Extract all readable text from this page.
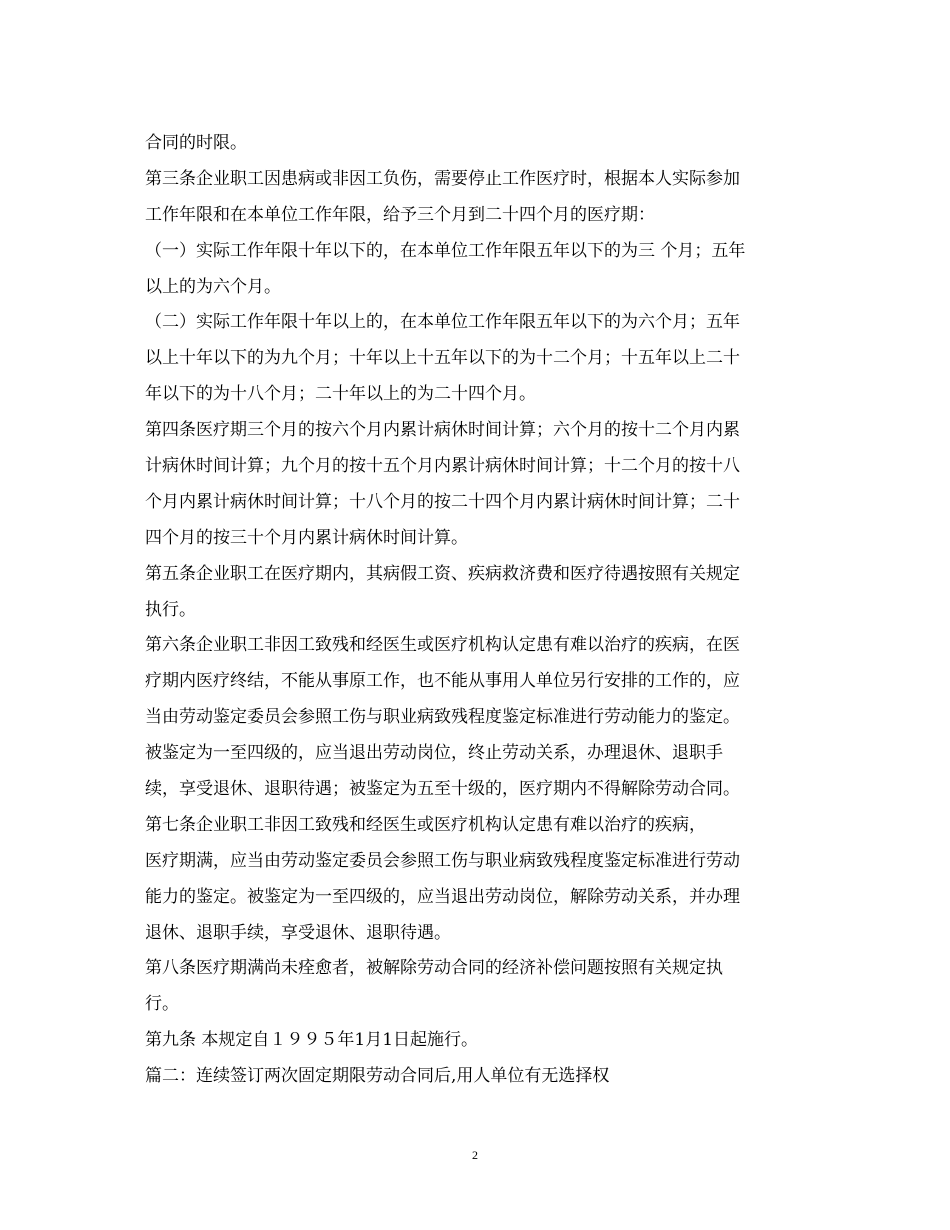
合同的时限。
第三条企业职工因患病或非因工负伤，需要停止工作医疗时，根据本人实际参加
工作年限和在本单位工作年限，给予三个月到二十四个月的医疗期：
（一）实际工作年限十年以下的，在本单位工作年限五年以下的为三 个月；五年
以上的为六个月。
（二）实际工作年限十年以上的，在本单位工作年限五年以下的为六个月；五年
以上十年以下的为九个月；十年以上十五年以下的为十二个月；十五年以上二十
年以下的为十八个月；二十年以上的为二十四个月。
第四条医疗期三个月的按六个月内累计病休时间计算；六个月的按十二个月内累
计病休时间计算；九个月的按十五个月内累计病休时间计算；十二个月的按十八
个月内累计病休时间计算；十八个月的按二十四个月内累计病休时间计算；二十
四个月的按三十个月内累计病休时间计算。
第五条企业职工在医疗期内，其病假工资、疾病救济费和医疗待遇按照有关规定
执行。
第六条企业职工非因工致残和经医生或医疗机构认定患有难以治疗的疾病，在医
疗期内医疗终结，不能从事原工作，也不能从事用人单位另行安排的工作的，应
当由劳动鉴定委员会参照工伤与职业病致残程度鉴定标准进行劳动能力的鉴定。
被鉴定为一至四级的，应当退出劳动岗位，终止劳动关系，办理退休、退职手
续，享受退休、退职待遇；被鉴定为五至十级的，医疗期内不得解除劳动合同。
第七条企业职工非因工致残和经医生或医疗机构认定患有难以治疗的疾病，
医疗期满，应当由劳动鉴定委员会参照工伤与职业病致残程度鉴定标准进行劳动
能力的鉴定。被鉴定为一至四级的，应当退出劳动岗位，解除劳动关系，并办理
退休、退职手续，享受退休、退职待遇。
第八条医疗期满尚未痊愈者，被解除劳动合同的经济补偿问题按照有关规定执
行。
第九条 本规定自１９９５年1月1日起施行。
篇二：连续签订两次固定期限劳动合同后,用人单位有无选择权
2
